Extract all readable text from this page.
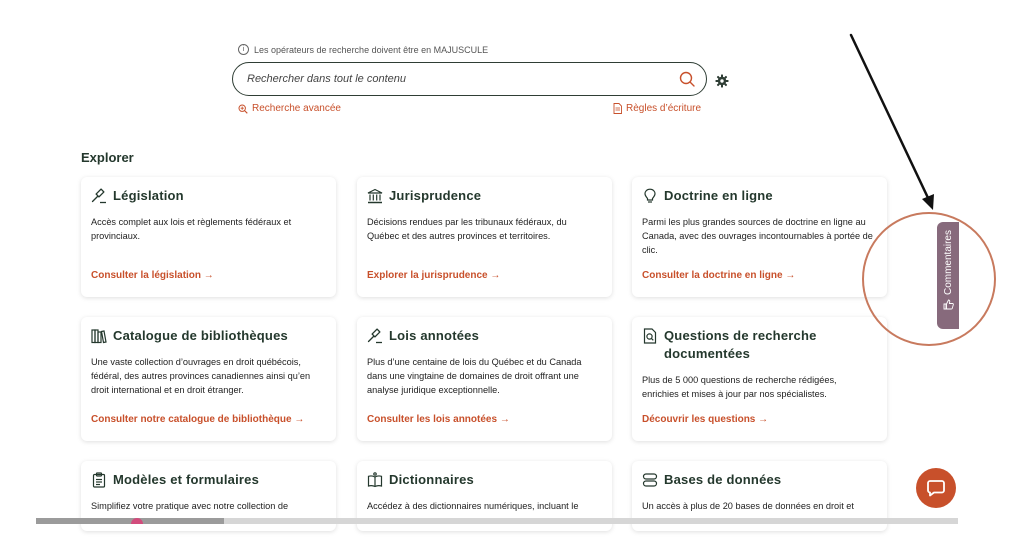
i	Les opérateurs de recherche doivent être en MAJUSCULE
Rechercher dans tout le contenu
Recherche avancée	Règles d’écriture
Explorer
Législation
Accès complet aux lois et règlements fédéraux et provinciaux.
Consulter la législation →
Jurisprudence
Décisions rendues par les tribunaux fédéraux, du Québec et des autres provinces et territoires.
Explorer la jurisprudence →
Doctrine en ligne
Parmi les plus grandes sources de doctrine en ligne au Canada, avec des ouvrages incontournables à portée de clic.
Consulter la doctrine en ligne →
Catalogue de bibliothèques
Une vaste collection d’ouvrages en droit québécois, fédéral, des autres provinces canadiennes ainsi qu’en droit international et en droit étranger.
Consulter notre catalogue de bibliothèque →
Lois annotées
Plus d’une centaine de lois du Québec et du Canada dans une vingtaine de domaines de droit offrant une analyse juridique exceptionnelle.
Consulter les lois annotées →
Questions de recherche documentées
Plus de 5 000 questions de recherche rédigées, enrichies et mises à jour par nos spécialistes.
Découvrir les questions →
Modèles et formulaires
Simplifiez votre pratique avec notre collection de
Dictionnaires
Accédez à des dictionnaires numériques, incluant le
Bases de données
Un accès à plus de 20 bases de données en droit et
Commentaires
